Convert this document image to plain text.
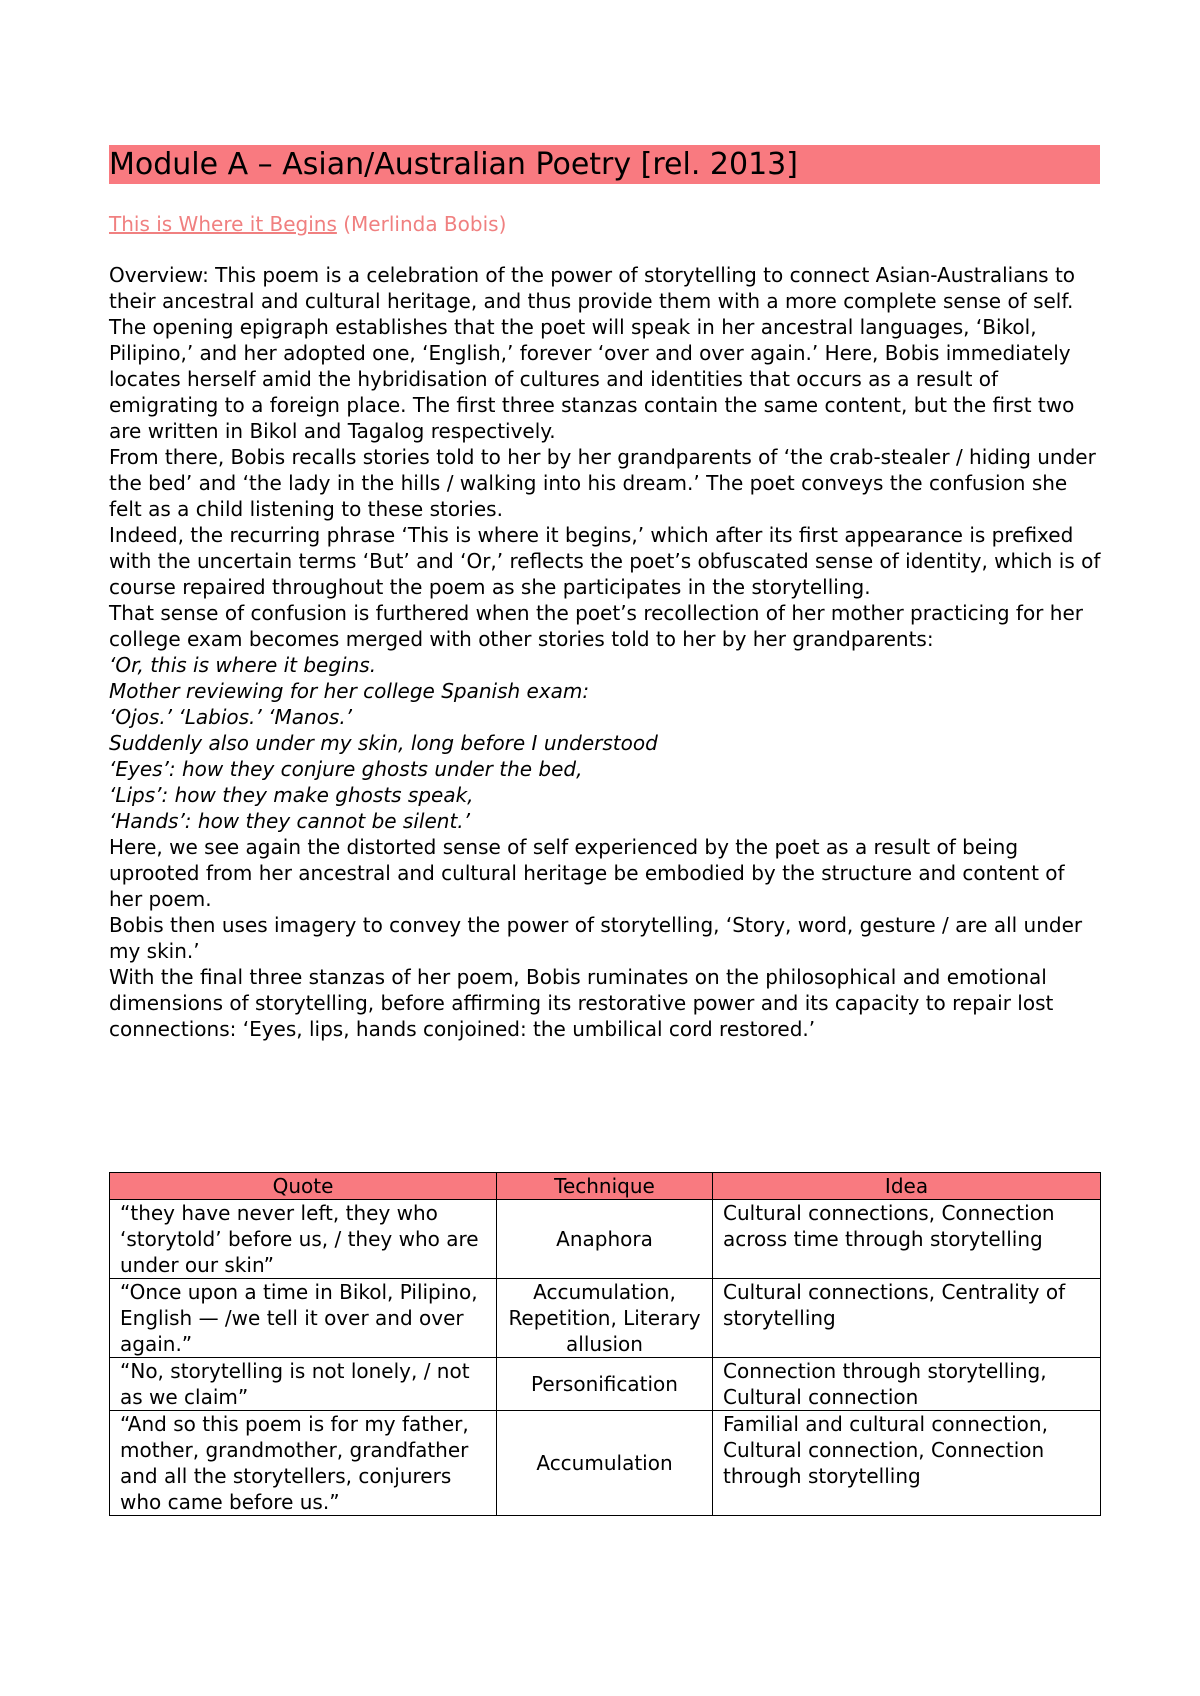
Module A – Asian/Australian Poetry [rel. 2013]
This is Where it Begins (Merlinda Bobis)

Overview: This poem is a celebration of the power of storytelling to connect Asian-Australians to their ancestral and cultural heritage, and thus provide them with a more complete sense of self. The opening epigraph establishes that the poet will speak in her ancestral languages, ‘Bikol, Pilipino,’ and her adopted one, ‘English,’ forever ‘over and over again.’ Here, Bobis immediately locates herself amid the hybridisation of cultures and identities that occurs as a result of emigrating to a foreign place. The first three stanzas contain the same content, but the first two are written in Bikol and Tagalog respectively.

From there, Bobis recalls stories told to her by her grandparents of ‘the crab-stealer / hiding under the bed’ and ‘the lady in the hills / walking into his dream.’ The poet conveys the confusion she felt as a child listening to these stories.

Indeed, the recurring phrase ‘This is where it begins,’ which after its first appearance is prefixed with the uncertain terms ‘But’ and ‘Or,’ reflects the poet’s obfuscated sense of identity, which is of course repaired throughout the poem as she participates in the storytelling.

That sense of confusion is furthered when the poet’s recollection of her mother practicing for her college exam becomes merged with other stories told to her by her grandparents:

‘Or, this is where it begins.

Mother reviewing for her college Spanish exam:

‘Ojos.’ ‘Labios.’ ‘Manos.’

Suddenly also under my skin, long before I understood

‘Eyes’: how they conjure ghosts under the bed,

‘Lips’: how they make ghosts speak,

‘Hands’: how they cannot be silent.’

Here, we see again the distorted sense of self experienced by the poet as a result of being uprooted from her ancestral and cultural heritage be embodied by the structure and content of her poem.

Bobis then uses imagery to convey the power of storytelling, ‘Story, word, gesture / are all under my skin.’

With the final three stanzas of her poem, Bobis ruminates on the philosophical and emotional dimensions of storytelling, before affirming its restorative power and its capacity to repair lost connections: ‘Eyes, lips, hands conjoined: the umbilical cord restored.’

Quote	Technique	Idea
“they have never left, they who ‘storytold’ before us, / they who are under our skin”	Anaphora	Cultural connections, Connection across time through storytelling
“Once upon a time in Bikol, Pilipino, English — /we tell it over and over again.”	Accumulation, Repetition, Literary allusion	Cultural connections, Centrality of storytelling
“No, storytelling is not lonely, / not as we claim”	Personification	Connection through storytelling, Cultural connection
“And so this poem is for my father, mother, grandmother, grandfather and all the storytellers, conjurers who came before us.”	Accumulation	Familial and cultural connection, Cultural connection, Connection through storytelling
